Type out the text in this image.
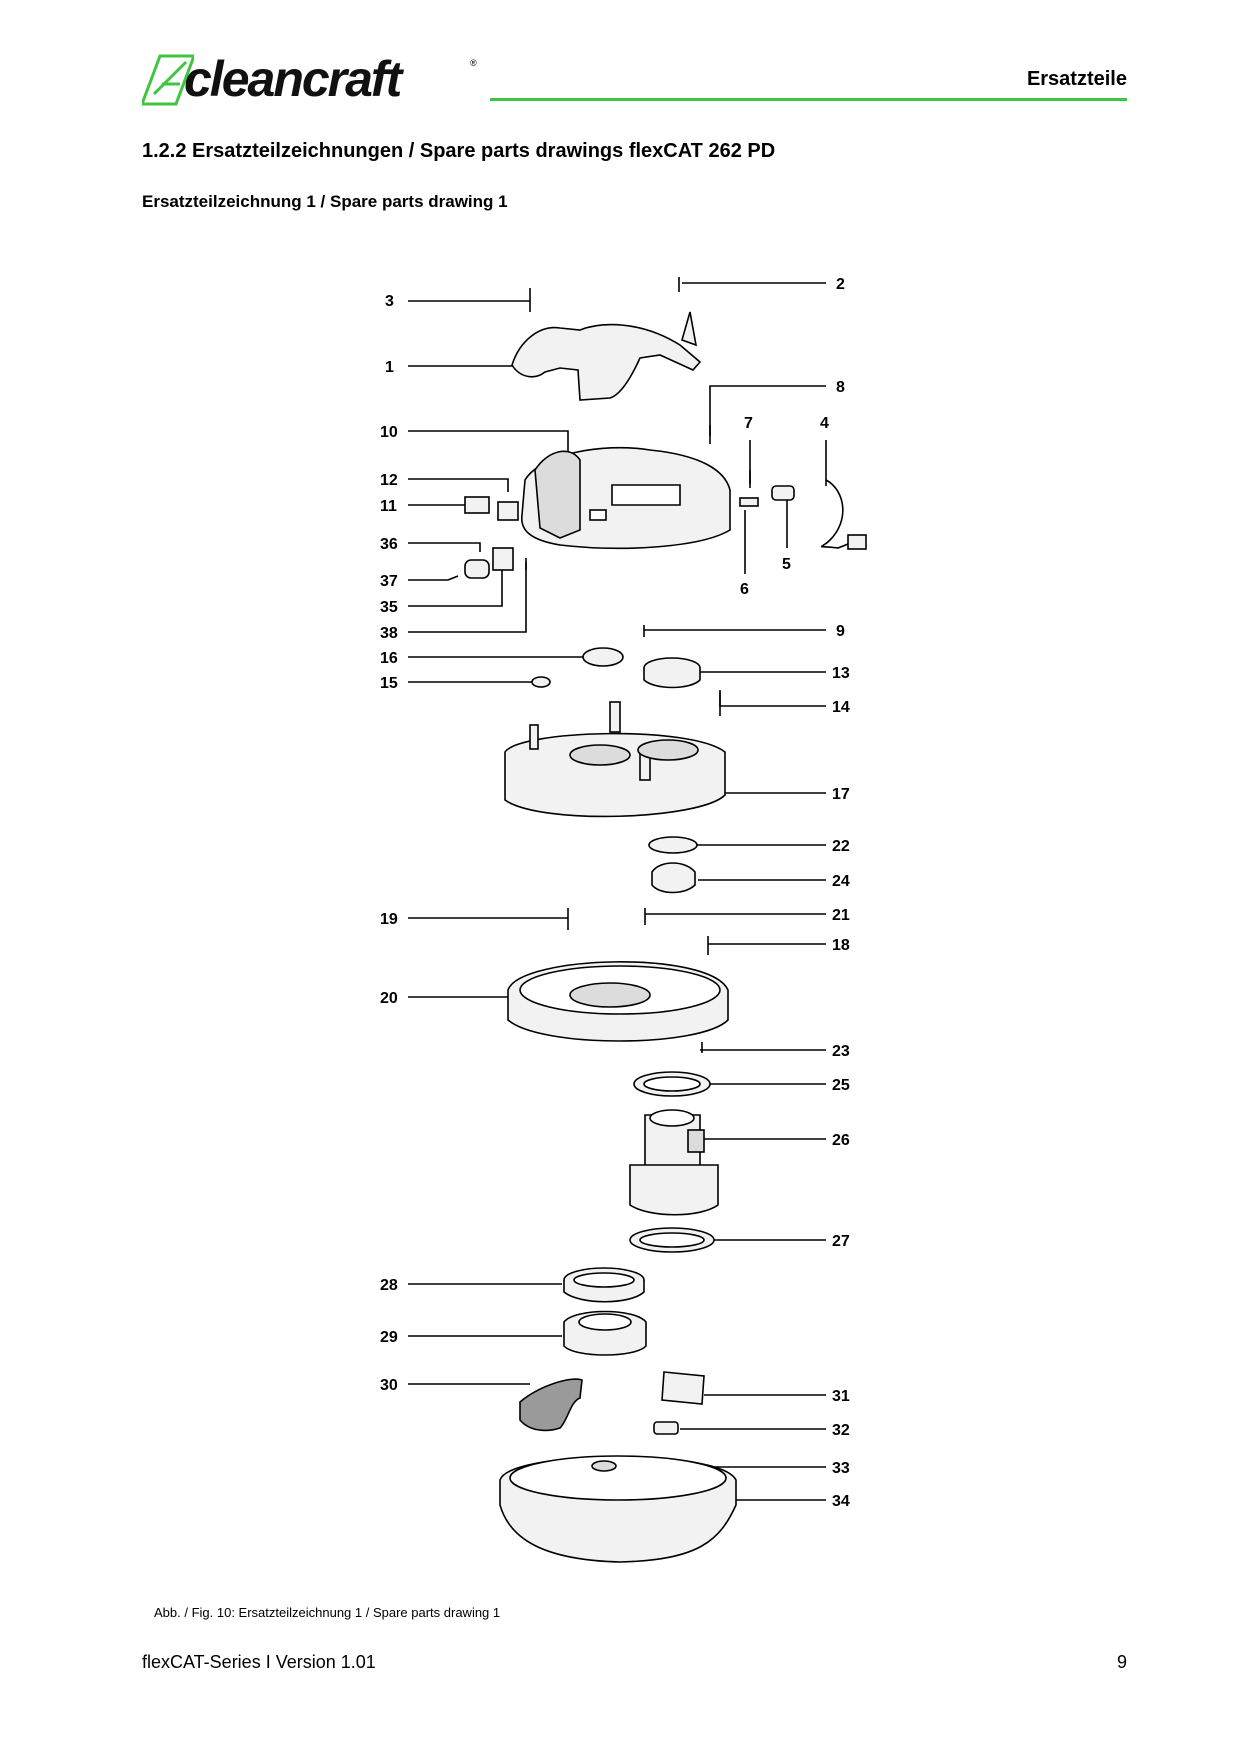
cleancraft	®
Ersatzteile
1.2.2 Ersatzteilzeichnungen / Spare parts drawings flexCAT 262 PD
Ersatzteilzeichnung 1 / Spare parts drawing 1
3
1
10
12
11
36
37
35
38
16
15
19
20
28
29
30
2
8
7	4
5
6
9
13
14
17
22
24
21
18
23
25
26
27
31
32
33
34
Abb. / Fig. 10: Ersatzteilzeichnung 1 / Spare parts drawing 1
flexCAT-Series I Version 1.01	9
